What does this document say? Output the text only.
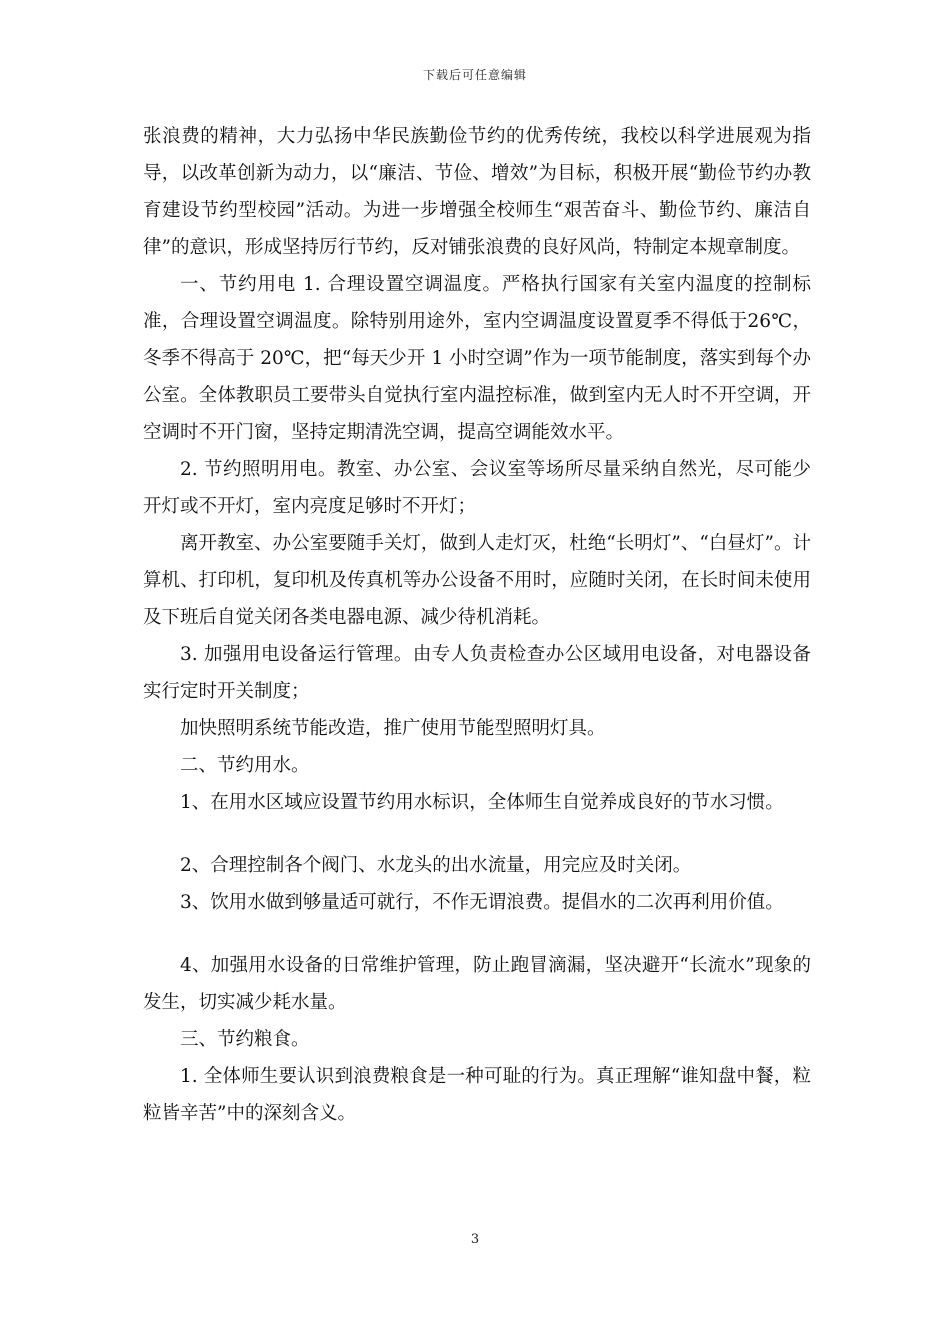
下载后可任意编辑

张浪费的精神，大力弘扬中华民族勤俭节约的优秀传统，我校以科学进展观为指导，以改革创新为动力，以“廉洁、节俭、增效”为目标，积极开展“勤俭节约办教育建设节约型校园”活动。为进一步增强全校师生“艰苦奋斗、勤俭节约、廉洁自律”的意识，形成坚持厉行节约，反对铺张浪费的良好风尚，特制定本规章制度。

一、节约用电 1. 合理设置空调温度。严格执行国家有关室内温度的控制标准，合理设置空调温度。除特别用途外，室内空调温度设置夏季不得低于26℃，冬季不得高于 20℃，把“每天少开 1 小时空调”作为一项节能制度，落实到每个办公室。全体教职员工要带头自觉执行室内温控标准，做到室内无人时不开空调，开空调时不开门窗，坚持定期清洗空调，提高空调能效水平。

2. 节约照明用电。教室、办公室、会议室等场所尽量采纳自然光，尽可能少开灯或不开灯，室内亮度足够时不开灯；

离开教室、办公室要随手关灯，做到人走灯灭，杜绝“长明灯”、“白昼灯”。计算机、打印机，复印机及传真机等办公设备不用时，应随时关闭，在长时间未使用及下班后自觉关闭各类电器电源、减少待机消耗。

3. 加强用电设备运行管理。由专人负责检查办公区域用电设备，对电器设备实行定时开关制度；

加快照明系统节能改造，推广使用节能型照明灯具。

二、节约用水。

1、在用水区域应设置节约用水标识，全体师生自觉养成良好的节水习惯。

2、合理控制各个阀门、水龙头的出水流量，用完应及时关闭。

3、饮用水做到够量适可就行，不作无谓浪费。提倡水的二次再利用价值。

4、加强用水设备的日常维护管理，防止跑冒滴漏，坚决避开“长流水”现象的发生，切实减少耗水量。

三、节约粮食。

1. 全体师生要认识到浪费粮食是一种可耻的行为。真正理解“谁知盘中餐，粒粒皆辛苦”中的深刻含义。

3
